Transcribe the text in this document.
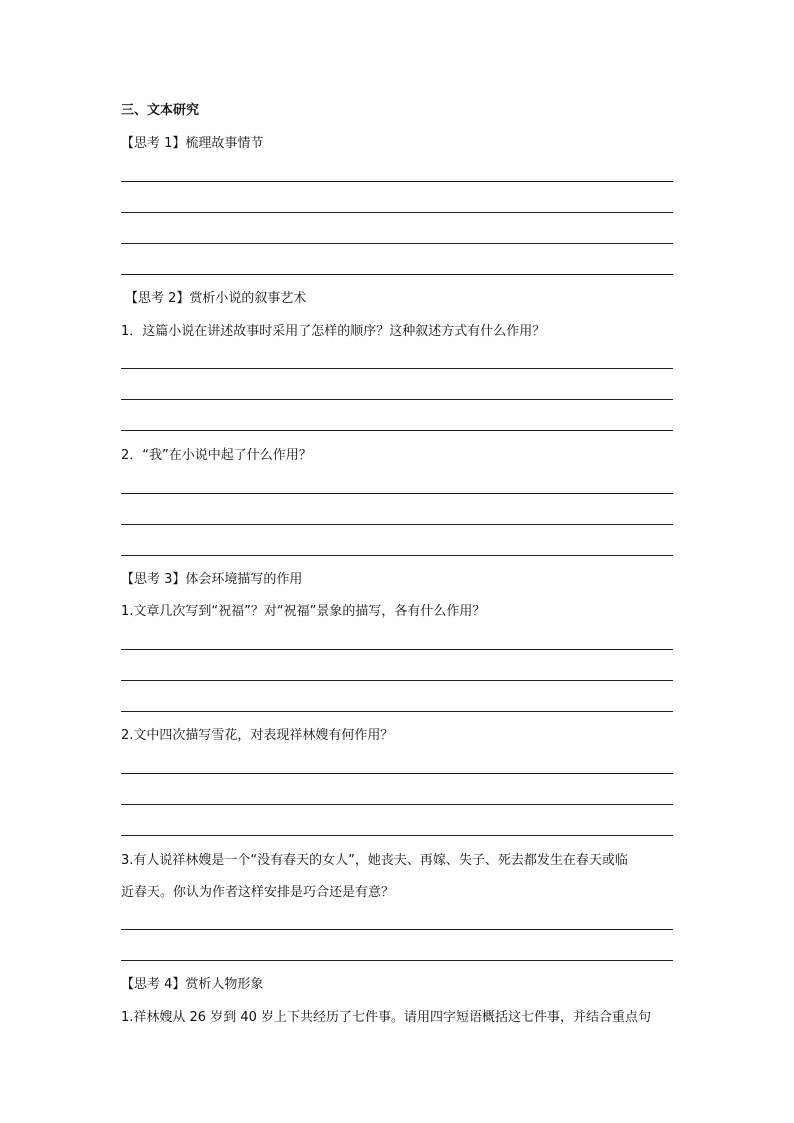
三、文本研究
【思考 1】梳理故事情节
【思考 2】赏析小说的叙事艺术
1．这篇小说在讲述故事时采用了怎样的顺序？这种叙述方式有什么作用？
2．“我”在小说中起了什么作用？
【思考 3】体会环境描写的作用
1.文章几次写到“祝福”？对“祝福”景象的描写，各有什么作用？
2.文中四次描写雪花，对表现祥林嫂有何作用？
3.有人说祥林嫂是一个“没有春天的女人”，她丧夫、再嫁、失子、死去都发生在春天或临
近春天。你认为作者这样安排是巧合还是有意？
【思考 4】赏析人物形象
1.祥林嫂从 26 岁到 40 岁上下共经历了七件事。请用四字短语概括这七件事，并结合重点句
